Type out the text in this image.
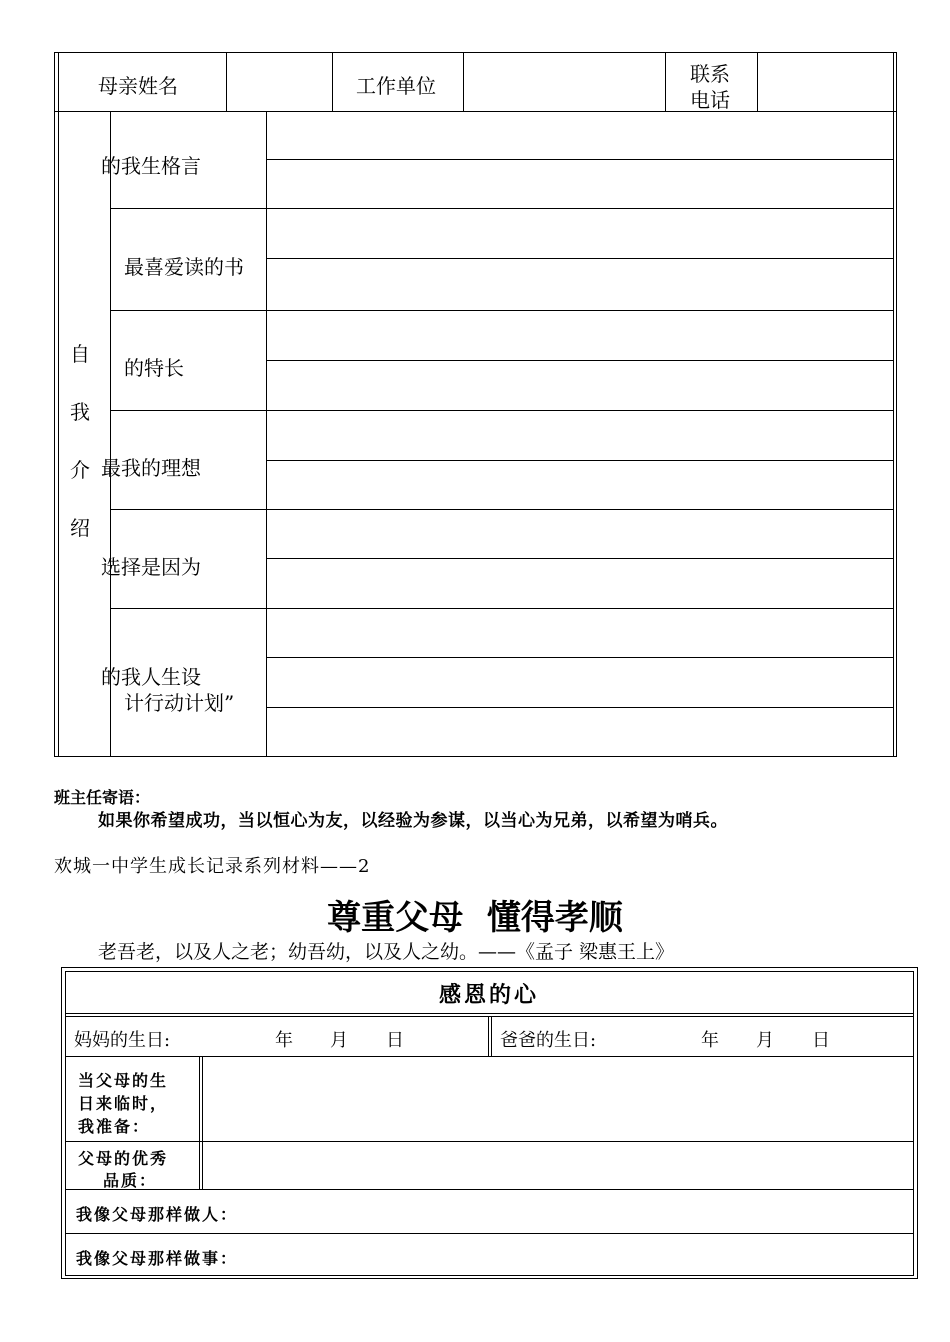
母亲姓名	工作单位	联系
电话
自
我
介
绍
的我生格言
最喜爱读的书
的特长
最我的理想
选择是因为
的我人生设
计行动计划”
班主任寄语：
如果你希望成功，当以恒心为友，以经验为参谋，以当心为兄弟，以希望为哨兵。
欢城一中学生成长记录系列材料——2
尊重父母 懂得孝顺
老吾老，以及人之老；幼吾幼，以及人之幼。——《孟子 梁惠王上》
感恩的心
妈妈的生日:	年 月 日	爸爸的生日:	年 月 日
当父母的生
日来临时，
我准备：
父母的优秀
品质：
我像父母那样做人：
我像父母那样做事：
